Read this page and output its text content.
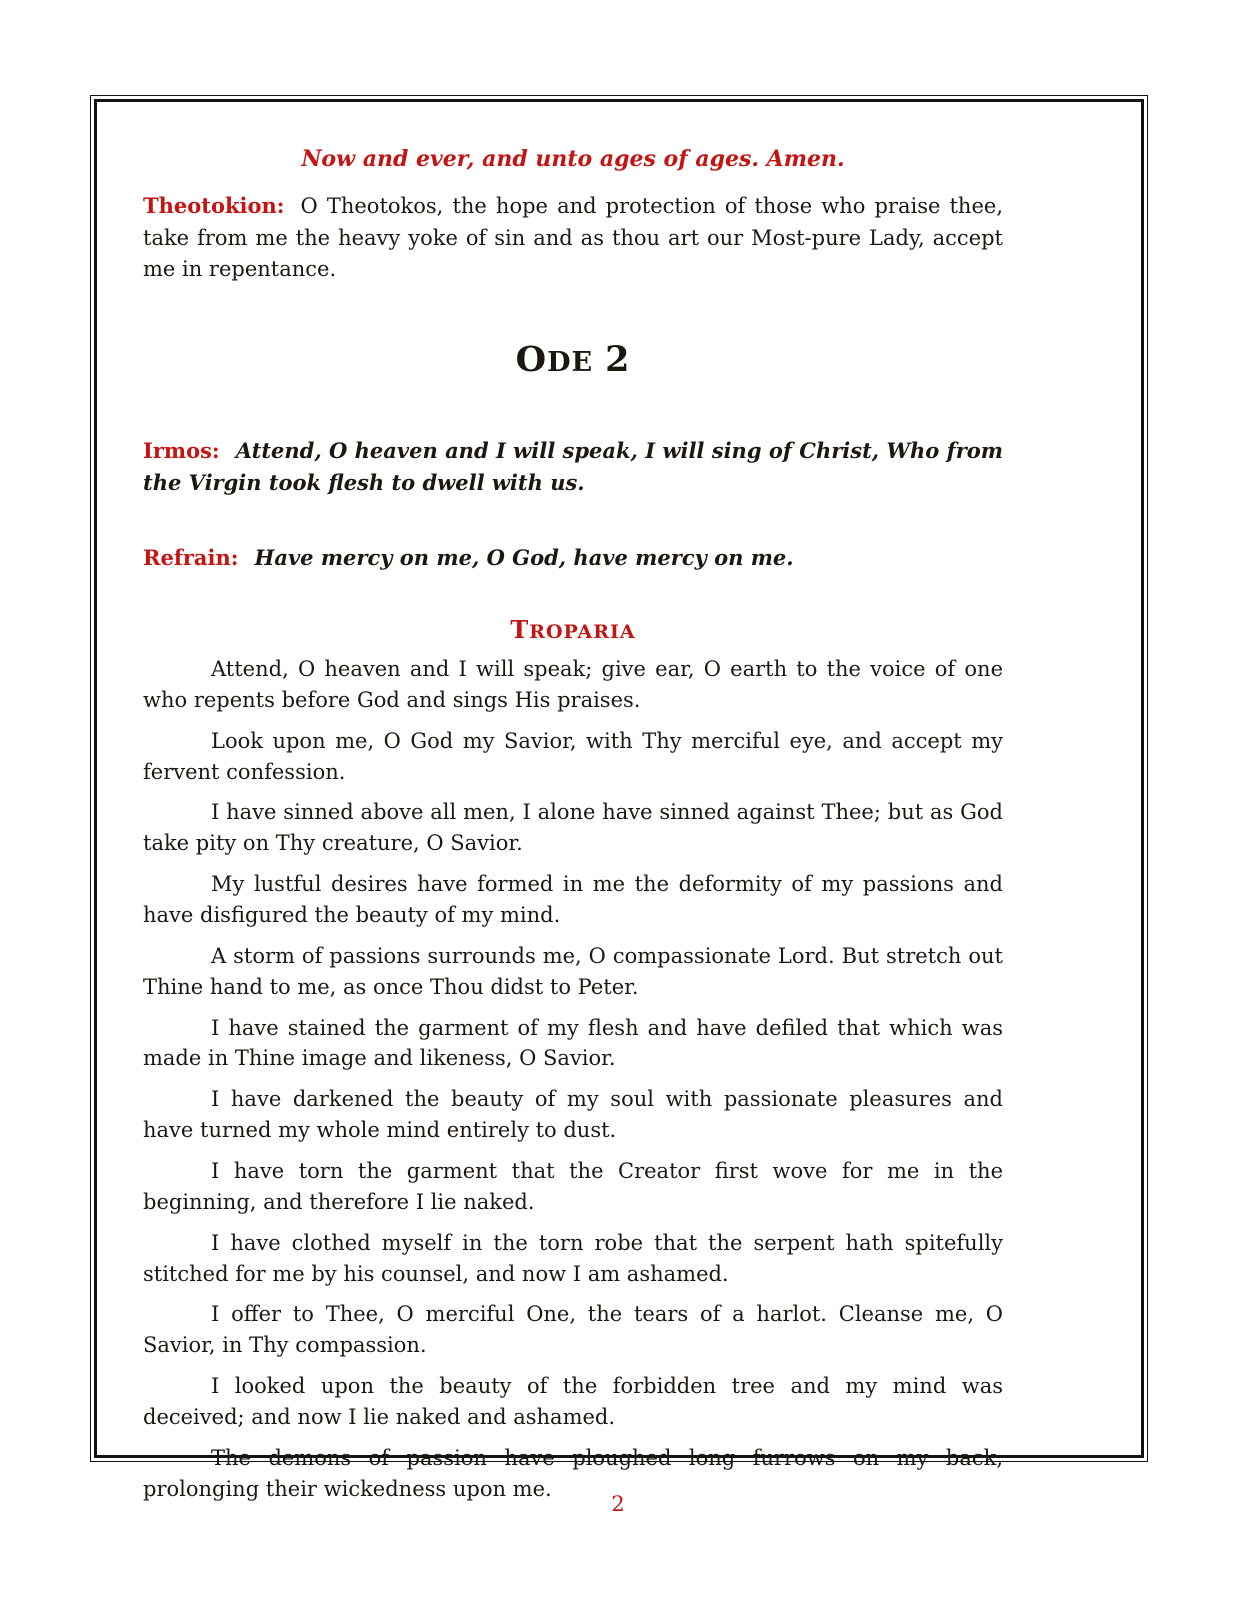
Now and ever, and unto ages of ages. Amen.

Theotokion: O Theotokos, the hope and protection of those who praise thee, take from me the heavy yoke of sin and as thou art our Most-pure Lady, accept me in repentance.

ODE 2

Irmos: Attend, O heaven and I will speak, I will sing of Christ, Who from the Virgin took flesh to dwell with us.

Refrain: Have mercy on me, O God, have mercy on me.

TROPARIA

Attend, O heaven and I will speak; give ear, O earth to the voice of one who repents before God and sings His praises.

Look upon me, O God my Savior, with Thy merciful eye, and accept my fervent confession.

I have sinned above all men, I alone have sinned against Thee; but as God take pity on Thy creature, O Savior.

My lustful desires have formed in me the deformity of my passions and have disfigured the beauty of my mind.

A storm of passions surrounds me, O compassionate Lord. But stretch out Thine hand to me, as once Thou didst to Peter.

I have stained the garment of my flesh and have defiled that which was made in Thine image and likeness, O Savior.

I have darkened the beauty of my soul with passionate pleasures and have turned my whole mind entirely to dust.

I have torn the garment that the Creator first wove for me in the beginning, and therefore I lie naked.

I have clothed myself in the torn robe that the serpent hath spitefully stitched for me by his counsel, and now I am ashamed.

I offer to Thee, O merciful One, the tears of a harlot. Cleanse me, O Savior, in Thy compassion.

I looked upon the beauty of the forbidden tree and my mind was deceived; and now I lie naked and ashamed.

The demons of passion have ploughed long furrows on my back, prolonging their wickedness upon me.

2
